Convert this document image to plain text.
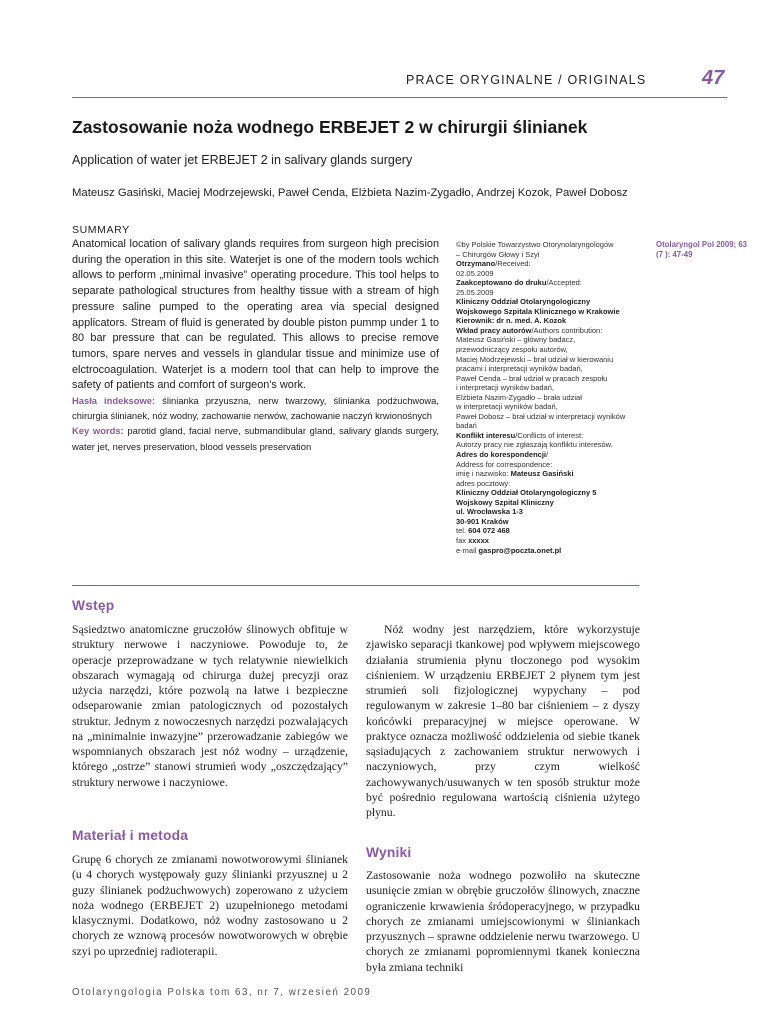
PRACE ORYGINALNE / ORIGINALS	47
Zastosowanie noża wodnego ERBEJET 2 w chirurgii ślinianek
Application of water jet ERBEJET 2 in salivary glands surgery
Mateusz Gasiński, Maciej Modrzejewski, Paweł Cenda, Elżbieta Nazim-Zygadło, Andrzej Kozok, Paweł Dobosz
SUMMARY
Anatomical location of salivary glands requires from surgeon high precision during the operation in this site. Waterjet is one of the modern tools wchich allows to perform „minimal invasive” operating procedure. This tool helps to separate pathological structures from healthy tissue with a stream of high pressure saline pumped to the operating area via special designed applicators. Stream of fluid is generated by double piston pummp under 1 to 80 bar pressure that can be regulated. This allows to precise remove tumors, spare nerves and vessels in glandular tissue and minimize use of elctrocoagulation. Waterjet is a modern tool that can help to improve the safety of patients and comfort of surgeon's work.
Hasła indeksowe: ślinianka przyuszna, nerw twarzowy, ślinianka podżuchwowa, chirurgia ślinianek, nóż wodny, zachowanie nerwów, zachowanie naczyń krwionośnych
Key words: parotid gland, facial nerve, submandibular gland, salivary glands surgery, water jet, nerves preservation, blood vessels preservation
©by Polskie Towarzystwo Otorynolaryngologów
– Chirurgów Głowy i Szyi
Otrzymano/Received:
02.05.2009
Zaakceptowano do druku/Accepted:
25.05.2009
Kliniczny Oddział Otolaryngologiczny
Wojskowego Szpitala Klinicznego w Krakowie
Kierownik: dr n. med. A. Kozok
Wkład pracy autorów/Authors contribution:
Mateusz Gasiński – główny badacz,
przewodniczący zespołu autorów,
Maciej Modrzejewski – brał udział w kierowaniu
pracami i interpretacji wyników badań,
Paweł Cenda – brał udział w pracach zespołu
i interpretacji wyników badań,
Elżbieta Nazim-Zygadło – brała udział
w interpretacji wyników badań,
Paweł Dobosz – brał udział w interpretacji wyników
badań
Konflikt interesu/Conflicts of interest:
Autorzy pracy nie zgłaszają konfliktu interesów.
Adres do korespondencji/
Address for correspondence:
imię i nazwisko: Mateusz Gasiński
adres pocztowy:
Kliniczny Oddział Otolaryngologiczny 5
Wojskowy Szpital Kliniczny
ul. Wrocławska 1-3
30-901 Kraków
tel. 604 072 468
fax xxxxx
e-mail gaspro@poczta.onet.pl
Otolaryngol Pol 2009; 63 (7 ): 47-49
Wstęp
Sąsiedztwo anatomiczne gruczołów ślinowych obfituje w struktury nerwowe i naczyniowe. Powoduje to, że operacje przeprowadzane w tych relatywnie niewielkich obszarach wymagają od chirurga dużej precyzji oraz użycia narzędzi, które pozwolą na łatwe i bezpieczne odseparowanie zmian patologicznych od pozostałych struktur. Jednym z nowoczesnych narzędzi pozwalających na „minimalnie inwazyjne” przerowadzanie zabiegów we wspomnianych obszarach jest nóż wodny – urządzenie, którego „ostrze” stanowi strumień wody „oszczędzający” struktury nerwowe i naczyniowe.
Materiał i metoda
Grupę 6 chorych ze zmianami nowotworowymi ślinianek (u 4 chorych występowały guzy ślinianki przyusznej u 2 guzy ślinianek podżuchwowych) zoperowano z użyciem noża wodnego (ERBEJET 2) uzupełnionego metodami klasycznymi. Dodatkowo, nóż wodny zastosowano u 2 chorych ze wznową procesów nowotworowych w obrębie szyi po uprzedniej radioterapii.
Nóż wodny jest narzędziem, które wykorzystuje zjawisko separacji tkankowej pod wpływem miejscowego działania strumienia płynu tłoczonego pod wysokim ciśnieniem. W urządzeniu ERBEJET 2 płynem tym jest strumień soli fizjologicznej wypychany – pod regulowanym w zakresie 1–80 bar ciśnieniem – z dyszy końcówki preparacyjnej w miejsce operowane. W praktyce oznacza możliwość oddzielenia od siebie tkanek sąsiadujących z zachowaniem struktur nerwowych i naczyniowych, przy czym wielkość zachowywanych/usuwanych w ten sposób struktur może być pośrednio regulowana wartością ciśnienia użytego płynu.
Wyniki
Zastosowanie noża wodnego pozwoliło na skuteczne usunięcie zmian w obrębie gruczołów ślinowych, znaczne ograniczenie krwawienia śródoperacyjnego, w przypadku chorych ze zmianami umiejscowionymi w śliniankach przyusznych – sprawne oddzielenie nerwu twarzowego. U chorych ze zmianami popromiennymi tkanek konieczna była zmiana techniki
Otolaryngologia Polska tom 63, nr 7, wrzesień 2009
